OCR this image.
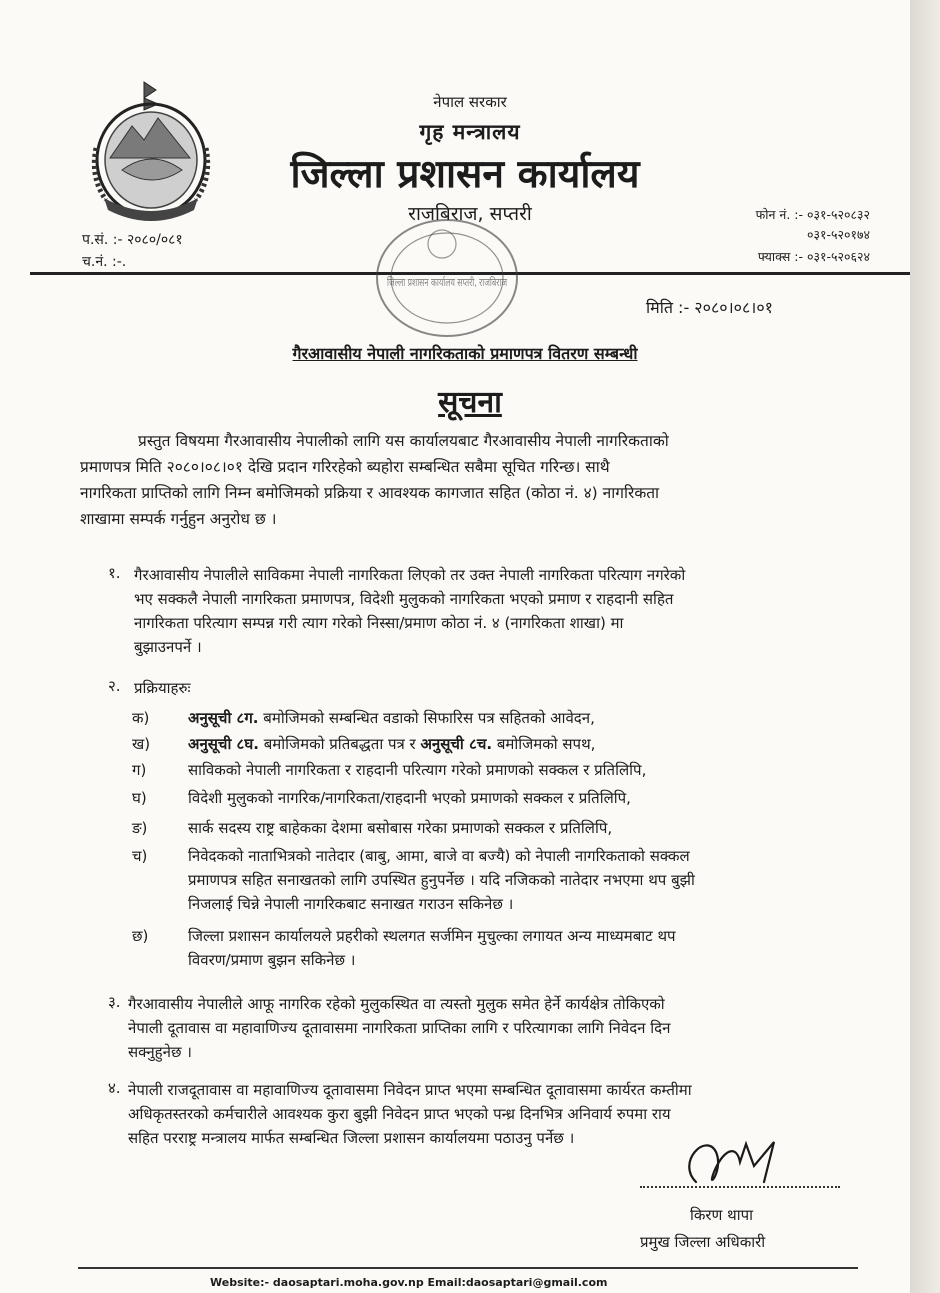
नेपाल सरकार
गृह मन्त्रालय
जिल्ला प्रशासन कार्यालय
राजबिराज, सप्तरी
प.सं. :- २०८०/०८१
च.नं. :-.
फोन नं. :- ०३१-५२०८३२
०३१-५२०१७४
फ्याक्स :- ०३१-५२०६२४
जिल्ला प्रशासन कार्यालय सप्तरी, राजबिराज
मिति :- २०८०।०८।०१
गैरआवासीय नेपाली नागरिकताको प्रमाणपत्र वितरण सम्बन्धी
सूचना
प्रस्तुत विषयमा गैरआवासीय नेपालीको लागि यस कार्यालयबाट गैरआवासीय नेपाली नागरिकताको
प्रमाणपत्र मिति २०८०।०८।०१ देखि प्रदान गरिरहेको ब्यहोरा सम्बन्धित सबैमा सूचित गरिन्छ। साथै
नागरिकता प्राप्तिको लागि निम्न बमोजिमको प्रक्रिया र आवश्यक कागजात सहित (कोठा नं. ४) नागरिकता
शाखामा सम्पर्क गर्नुहुन अनुरोध छ ।
१. गैरआवासीय नेपालीले साविकमा नेपाली नागरिकता लिएको तर उक्त नेपाली नागरिकता परित्याग नगरेको
भए सक्कलै नेपाली नागरिकता प्रमाणपत्र, विदेशी मुलुकको नागरिकता भएको प्रमाण र राहदानी सहित
नागरिकता परित्याग सम्पन्न गरी त्याग गरेको निस्सा/प्रमाण कोठा नं. ४ (नागरिकता शाखा) मा
बुझाउनपर्ने ।
२. प्रक्रियाहरुः
क)	अनुसूची ८ग. बमोजिमको सम्बन्धित वडाको सिफारिस पत्र सहितको आवेदन,
ख)	अनुसूची ८घ. बमोजिमको प्रतिबद्धता पत्र र अनुसूची ८च. बमोजिमको सपथ,
ग)	साविकको नेपाली नागरिकता र राहदानी परित्याग गरेको प्रमाणको सक्कल र प्रतिलिपि,
घ)	विदेशी मुलुकको नागरिक/नागरिकता/राहदानी भएको प्रमाणको सक्कल र प्रतिलिपि,
ङ)	सार्क सदस्य राष्ट्र बाहेकका देशमा बसोबास गरेका प्रमाणको सक्कल र प्रतिलिपि,
च)	निवेदकको नाताभित्रको नातेदार (बाबु, आमा, बाजे वा बज्यै) को नेपाली नागरिकताको सक्कल
प्रमाणपत्र सहित सनाखतको लागि उपस्थित हुनुपर्नेछ । यदि नजिकको नातेदार नभएमा थप बुझी
निजलाई चिन्ने नेपाली नागरिकबाट सनाखत गराउन सकिनेछ ।
छ)	जिल्ला प्रशासन कार्यालयले प्रहरीको स्थलगत सर्जमिन मुचुल्का लगायत अन्य माध्यमबाट थप
विवरण/प्रमाण बुझन सकिनेछ ।
३. गैरआवासीय नेपालीले आफू नागरिक रहेको मुलुकस्थित वा त्यस्तो मुलुक समेत हेर्ने कार्यक्षेत्र तोकिएको
नेपाली दूतावास वा महावाणिज्य दूतावासमा नागरिकता प्राप्तिका लागि र परित्यागका लागि निवेदन दिन
सक्नुहुनेछ ।
४. नेपाली राजदूतावास वा महावाणिज्य दूतावासमा निवेदन प्राप्त भएमा सम्बन्धित दूतावासमा कार्यरत कम्तीमा
अधिकृतस्तरको कर्मचारीले आवश्यक कुरा बुझी निवेदन प्राप्त भएको पन्ध्र दिनभित्र अनिवार्य रुपमा राय
सहित परराष्ट्र मन्त्रालय मार्फत सम्बन्धित जिल्ला प्रशासन कार्यालयमा पठाउनु पर्नेछ ।
किरण थापा
प्रमुख जिल्ला अधिकारी
Website:- daosaptari.moha.gov.np Email:daosaptari@gmail.com
